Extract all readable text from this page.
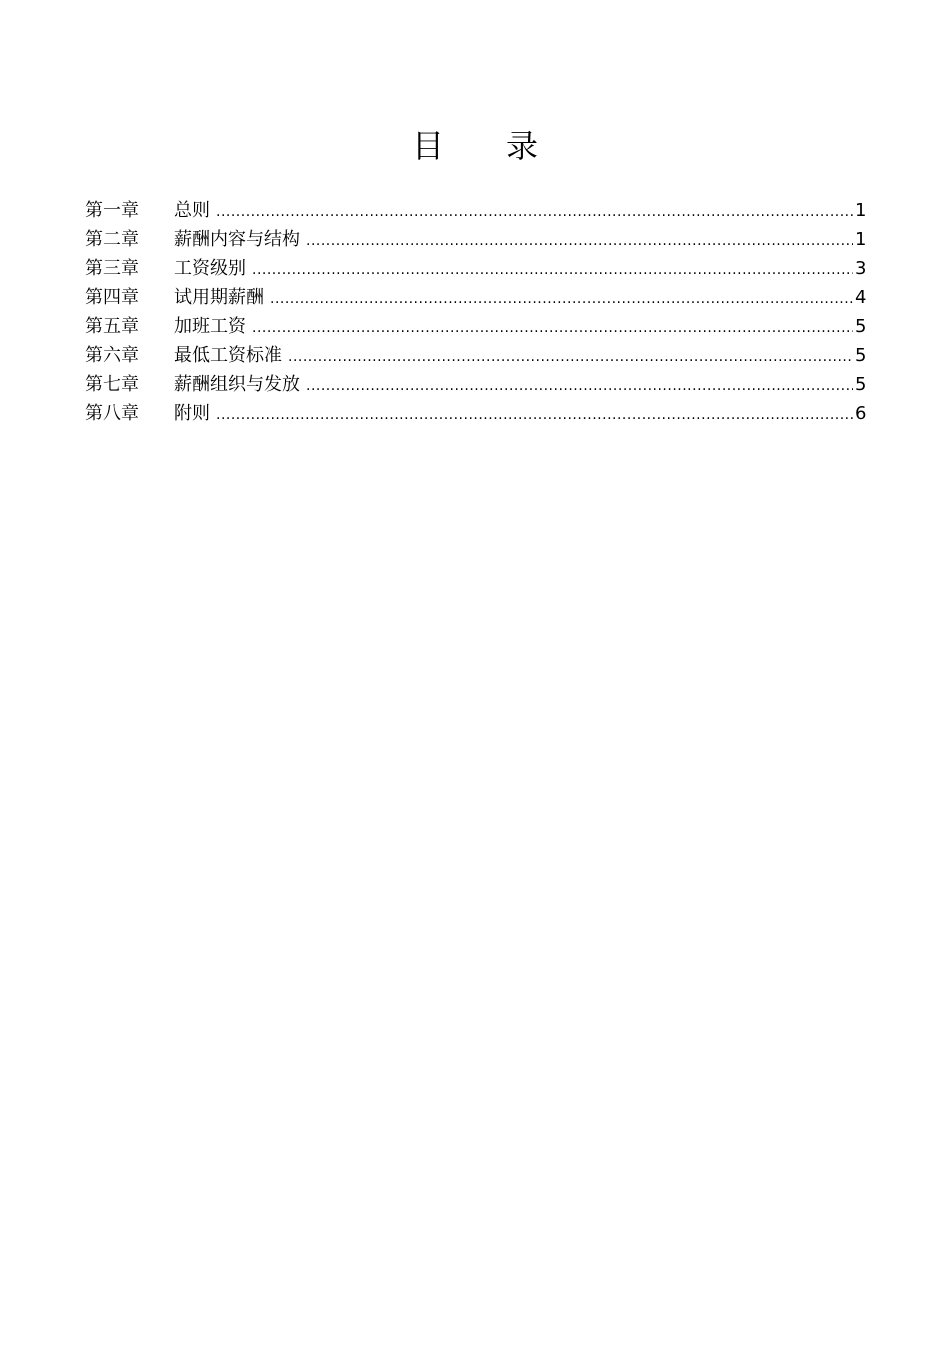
目 录
第一章	总则 .....	1
第二章	薪酬内容与结构 .....	1
第三章	工资级别 .....	3
第四章	试用期薪酬 .....	4
第五章	加班工资 .....	5
第六章	最低工资标准 .....	5
第七章	薪酬组织与发放 .....	5
第八章	附则 .....	6
